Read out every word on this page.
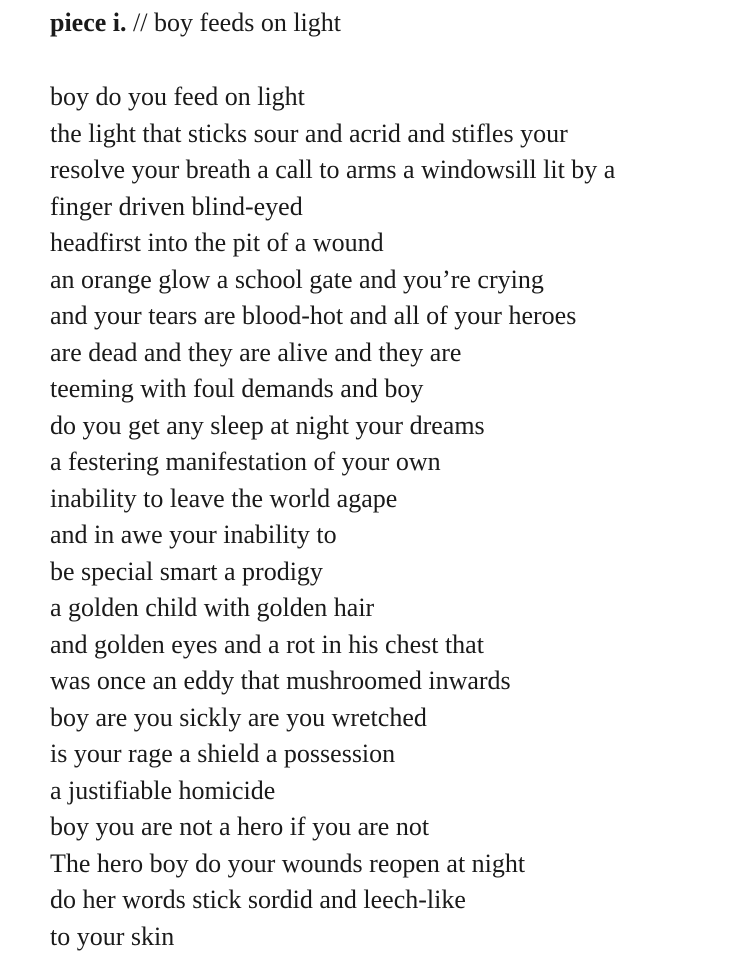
piece i. // boy feeds on light
boy do you feed on light
the light that sticks sour and acrid and stifles your
resolve your breath a call to arms a windowsill lit by a
finger driven blind-eyed
headfirst into the pit of a wound
an orange glow a school gate and you’re crying
and your tears are blood-hot and all of your heroes
are dead and they are alive and they are
teeming with foul demands and boy
do you get any sleep at night your dreams
a festering manifestation of your own
inability to leave the world agape
and in awe your inability to
be special smart a prodigy
a golden child with golden hair
and golden eyes and a rot in his chest that
was once an eddy that mushroomed inwards
boy are you sickly are you wretched
is your rage a shield a possession
a justifiable homicide
boy you are not a hero if you are not
The hero boy do your wounds reopen at night
do her words stick sordid and leech-like
to your skin
